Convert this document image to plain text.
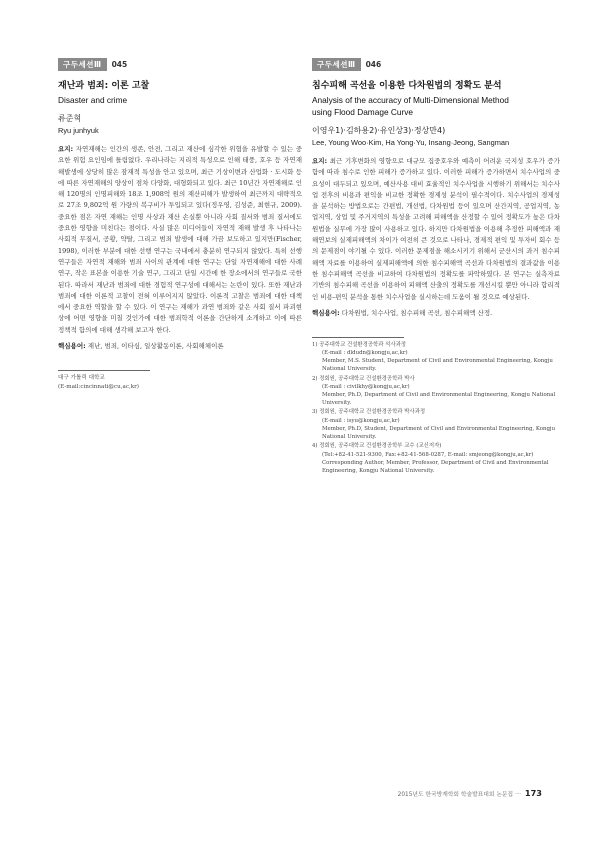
구두세션Ⅲ	045
재난과 범죄: 이론 고찰
Disaster and crime
류준혁
Ryu junhyuk
요지: 자연재해는 인간의 생존, 안전, 그리고 재산에 심각한 위협을 유발할 수 있는 중요한 위험 요인임에 틀림없다. 우리나라는 지리적 특성으로 인해 태풍, 호우 등 자연재해발생에 상당히 많은 잠재적 특성을 안고 있으며, 최근 기상이변과 산업화 · 도시화 등에 따른 자연재해의 양상이 점차 다양화, 대형화되고 있다. 최근 10년간 자연재해로 인해 120명의 인명피해와 18조 1,908억 원의 재산피해가 발생하여 최근까지 대략적으로 27조 9,802억 원 가량의 복구비가 투입되고 있다(정우영, 김성준, 최현규, 2009). 중요한 점은 자연 재해는 인명 사상과 재산 손실뿐 아니라 사회 질서와 범죄 질서에도 중요한 영향을 미친다는 점이다. 사실 많은 미디어들이 자연적 재해 발생 후 나타나는 사회적 무질서, 공황, 약탈, 그리고 범죄 발생에 대해 가끔 보도하고 있지만(Fischer, 1998), 이러한 부분에 대한 선행 연구는 국내에서 충분히 연구되지 않았다. 특히 선행 연구들은 자연적 재해와 범죄 사이의 관계에 대한 연구는 단일 자연재해에 대한 사례 연구, 작은 표본을 이용한 기술 연구, 그리고 단일 시간에 한 장소에서의 연구들로 국한된다. 따라서 재난과 범죄에 대한 경험적 연구성에 대해서는 논란이 있다. 또한 재난과 범죄에 대한 이론적 고찰이 전혀 이루어지지 않았다. 이론적 고찰은 범죄에 대한 대책에서 중요한 역할을 할 수 있다. 이 연구는 재해가 과연 범죄와 같은 사회 질서 파괴현상에 어떤 영향을 미칠 것인가에 대한 범죄학적 이론을 간단하게 소개하고 이에 따른 정책적 함의에 대해 생각해 보고자 한다.
핵심용어: 재난, 범죄, 이타심, 일상활동이론, 사회해체이론
대구 가톨릭 대학교
(E-mail:cincinnati@cu,ac,kr)
구두세션Ⅲ	046
침수피해 곡선을 이용한 다차원법의 정확도 분석
Analysis of the accuracy of Multi-Dimensional Method
using Flood Damage Curve
이영우1)·김하용2)·유인상3)·정상만4)
Lee, Young Woo·Kim, Ha Yong·Yu, Insang·Jeong, Sangman
요지: 최근 기후변화의 영향으로 대규모 집중호우와 예측이 어려운 국지성 호우가 증가함에 따라 침수로 인한 피해가 증가하고 있다. 이러한 피해가 증가하면서 치수사업의 중요성이 대두되고 있으며, 예산사용 대비 효율적인 치수사업을 시행하기 위해서는 치수사업 전후의 비용과 편익을 비교한 정확한 경제성 분석이 필수적이다. 치수사업의 경제성을 분석하는 방법으로는 간편법, 개선법, 다차원법 등이 있으며 산간지역, 공업지역, 농업지역, 상업 및 주거지역의 특성을 고려해 피해액을 산정할 수 있어 정확도가 높은 다차원법을 실무에 가장 많이 사용하고 있다. 하지만 다차원법을 이용해 추정한 피해액과 재해연보의 실제피해액의 차이가 여전히 큰 것으로 나타나, 경제적 편익 및 투자비 회수 등의 문제점이 야기될 수 있다. 이러한 문제점을 해소시키기 위해서 군산시의 과거 침수피해액 자료를 이용하여 실제피해액에 의한 침수피해액 곡선과 다차원법의 결과값을 이용한 침수피해액 곡선을 비교하여 다차원법의 정확도를 파악하였다. 본 연구는 실측자료 기반의 침수피해 곡선을 이용하여 피해액 산출의 정확도를 개선시킬 뿐만 아니라 합리적인 비용-편익 분석을 통한 치수사업을 실시하는데 도움이 될 것으로 예상된다.
핵심용어: 다차원법, 치수사업, 침수피해 곡선, 침수피해액 산정.
1) 공주대학교 건설환경공학과 석사과정
(E-mail : dldudn@kongju,ac,kr)
Member, M.S. Student, Department of Civil and Environmental Engineering, Kongju National University.
2) 정회원, 공주대학교 건설환경공학과 박사
(E-mail : civilkhy@kongju,ac,kr)
Member, Ph.D, Department of Civil and Environmental Engineering, Kongju National University.
3) 정회원, 공주대학교 건설환경공학과 박사과정
(E-mail : isyu@kongju,ac,kr)
Member, Ph.D, Student, Department of Civil and Environmental Engineering, Kongju National University.
4) 정회원, 공주대학교 건설환경공학부 교수 (교신저자)
(Tel:+82-41-521-9300, Fax:+82-41-568-0287, E-mail: smjeong@kongju,ac,kr)
Corresponding Author, Member, Professor, Department of Civil and Environmental Engineering, Kongju National University.
2015년도 한국방재학회 학술발표대회 논문집 ᐧᐧᐧᐧ 173
